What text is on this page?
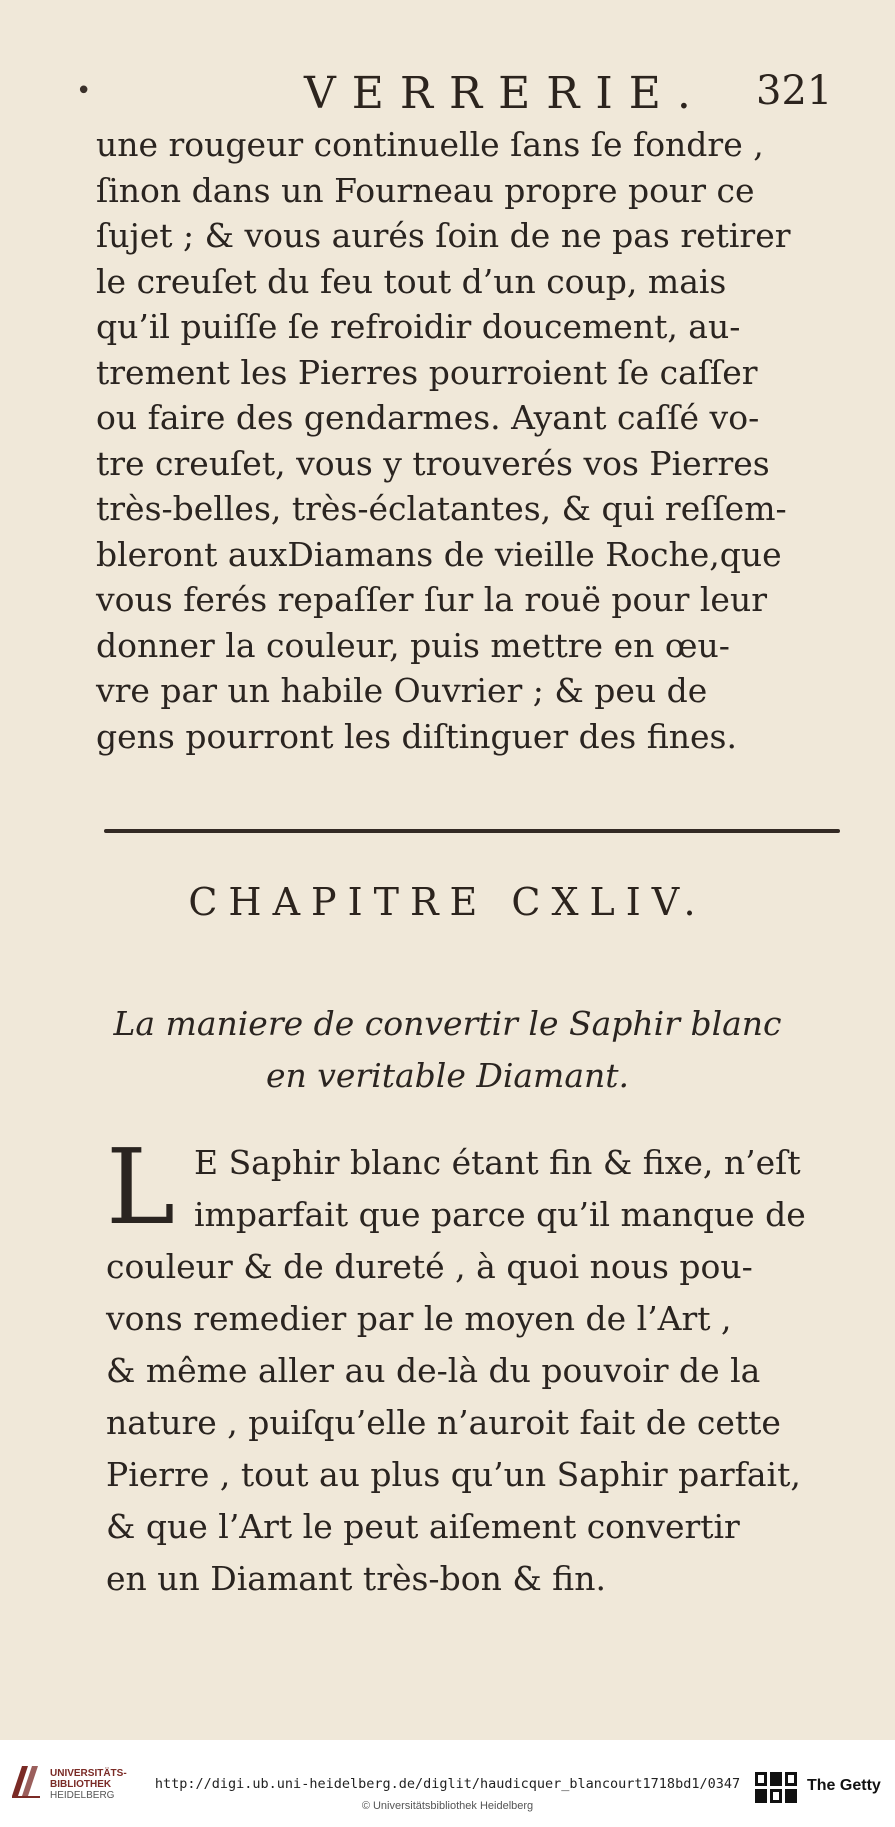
•	VERRERIE. 321
une rougeur continuelle ſans ſe fondre ,
ſinon dans un Fourneau propre pour ce
ſujet ; & vous aurés ſoin de ne pas retirer
le creuſet du feu tout d’un coup, mais
qu’il puiſſe ſe refroidir doucement, au-
trement les Pierres pourroient ſe caſſer
ou faire des gendarmes. Ayant caſſé vo-
tre creuſet, vous y trouverés vos Pierres
très-belles, très-éclatantes, & qui reſſem-
bleront auxDiamans de vieille Roche,que
vous ferés repaſſer ſur la rouë pour leur
donner la couleur, puis mettre en œu-
vre par un habile Ouvrier ; & peu de
gens pourront les diſtinguer des fines.
CHAPITRE CXLIV.
La maniere de convertir le Saphir blanc
en veritable Diamant.
L E Saphir blanc étant fin & fixe, n’eſt
imparfait que parce qu’il manque de
couleur & de dureté , à quoi nous pou-
vons remedier par le moyen de l’Art ,
& même aller au de-là du pouvoir de la
nature , puiſqu’elle n’auroit fait de cette
Pierre , tout au plus qu’un Saphir parfait,
& que l’Art le peut aiſement convertir
en un Diamant très-bon & fin.
UNIVERSITÄTS-
BIBLIOTHEK
HEIDELBERG
http://digi.ub.uni-heidelberg.de/diglit/haudicquer_blancourt1718bd1/0347
© Universitätsbibliothek Heidelberg
The Getty
